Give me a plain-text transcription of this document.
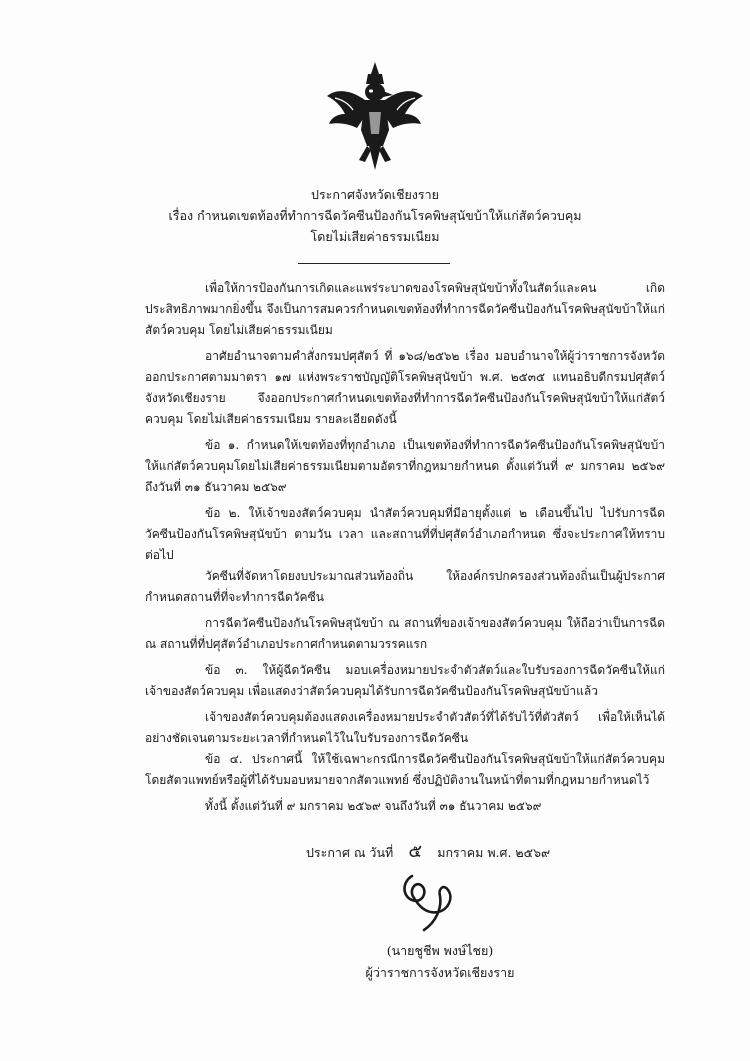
ประกาศจังหวัดเชียงราย
เรื่อง กำหนดเขตท้องที่ทำการฉีดวัคซีนป้องกันโรคพิษสุนัขบ้าให้แก่สัตว์ควบคุม
โดยไม่เสียค่าธรรมเนียม

เพื่อให้การป้องกันการเกิดและแพร่ระบาดของโรคพิษสุนัขบ้าทั้งในสัตว์และคน เกิดประสิทธิภาพมากยิ่งขึ้น จึงเป็นการสมควรกำหนดเขตท้องที่ทำการฉีดวัคซีนป้องกันโรคพิษสุนัขบ้าให้แก่สัตว์ควบคุม โดยไม่เสียค่าธรรมเนียม

อาศัยอำนาจตามคำสั่งกรมปศุสัตว์ ที่ ๑๖๘/๒๕๖๒ เรื่อง มอบอำนาจให้ผู้ว่าราชการจังหวัด ออกประกาศตามมาตรา ๑๗ แห่งพระราชบัญญัติโรคพิษสุนัขบ้า พ.ศ. ๒๕๓๕ แทนอธิบดีกรมปศุสัตว์ จังหวัดเชียงราย จึงออกประกาศกำหนดเขตท้องที่ทำการฉีดวัคซีนป้องกันโรคพิษสุนัขบ้าให้แก่สัตว์ควบคุม โดยไม่เสียค่าธรรมเนียม รายละเอียดดังนี้

ข้อ ๑. กำหนดให้เขตท้องที่ทุกอำเภอ เป็นเขตท้องที่ทำการฉีดวัคซีนป้องกันโรคพิษสุนัขบ้าให้แก่สัตว์ควบคุมโดยไม่เสียค่าธรรมเนียมตามอัตราที่กฎหมายกำหนด ตั้งแต่วันที่ ๙ มกราคม ๒๕๖๙ ถึงวันที่ ๓๑ ธันวาคม ๒๕๖๙

ข้อ ๒. ให้เจ้าของสัตว์ควบคุม นำสัตว์ควบคุมที่มีอายุตั้งแต่ ๒ เดือนขึ้นไป ไปรับการฉีดวัคซีนป้องกันโรคพิษสุนัขบ้า ตามวัน เวลา และสถานที่ที่ปศุสัตว์อำเภอกำหนด ซึ่งจะประกาศให้ทราบต่อไป

วัคซีนที่จัดหาโดยงบประมาณส่วนท้องถิ่น ให้องค์กรปกครองส่วนท้องถิ่นเป็นผู้ประกาศกำหนดสถานที่ที่จะทำการฉีดวัคซีน

การฉีดวัคซีนป้องกันโรคพิษสุนัขบ้า ณ สถานที่ของเจ้าของสัตว์ควบคุม ให้ถือว่าเป็นการฉีด ณ สถานที่ที่ปศุสัตว์อำเภอประกาศกำหนดตามวรรคแรก

ข้อ ๓. ให้ผู้ฉีดวัคซีน มอบเครื่องหมายประจำตัวสัตว์และใบรับรองการฉีดวัคซีนให้แก่เจ้าของสัตว์ควบคุม เพื่อแสดงว่าสัตว์ควบคุมได้รับการฉีดวัคซีนป้องกันโรคพิษสุนัขบ้าแล้ว

เจ้าของสัตว์ควบคุมต้องแสดงเครื่องหมายประจำตัวสัตว์ที่ได้รับไว้ที่ตัวสัตว์ เพื่อให้เห็นได้อย่างชัดเจนตามระยะเวลาที่กำหนดไว้ในใบรับรองการฉีดวัคซีน

ข้อ ๔. ประกาศนี้ ให้ใช้เฉพาะกรณีการฉีดวัคซีนป้องกันโรคพิษสุนัขบ้าให้แก่สัตว์ควบคุมโดยสัตวแพทย์หรือผู้ที่ได้รับมอบหมายจากสัตวแพทย์ ซึ่งปฏิบัติงานในหน้าที่ตามที่กฎหมายกำหนดไว้

ทั้งนี้ ตั้งแต่วันที่ ๙ มกราคม ๒๕๖๙ จนถึงวันที่ ๓๑ ธันวาคม ๒๕๖๙

ประกาศ ณ วันที่ ๕ มกราคม พ.ศ. ๒๕๖๙
(นายชูชีพ พงษ์ไชย)
ผู้ว่าราชการจังหวัดเชียงราย
